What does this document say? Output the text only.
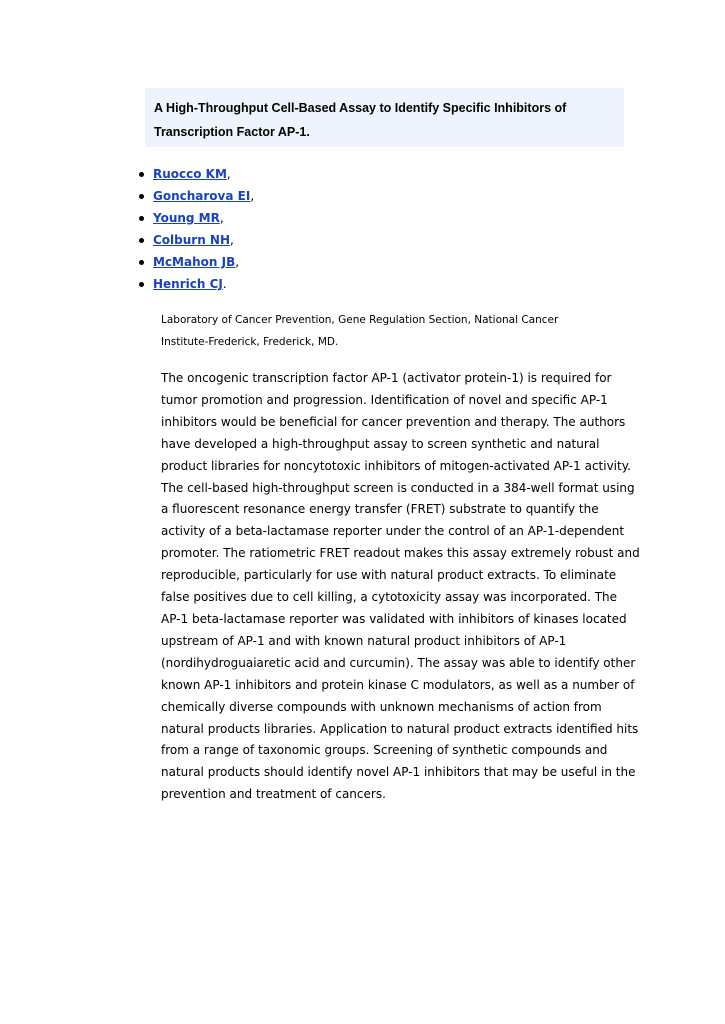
A High-Throughput Cell-Based Assay to Identify Specific Inhibitors of
Transcription Factor AP-1.

Ruocco KM,
Goncharova EI,
Young MR,
Colburn NH,
McMahon JB,
Henrich CJ.

Laboratory of Cancer Prevention, Gene Regulation Section, National Cancer
Institute-Frederick, Frederick, MD.

The oncogenic transcription factor AP-1 (activator protein-1) is required for
tumor promotion and progression. Identification of novel and specific AP-1
inhibitors would be beneficial for cancer prevention and therapy. The authors
have developed a high-throughput assay to screen synthetic and natural
product libraries for noncytotoxic inhibitors of mitogen-activated AP-1 activity.
The cell-based high-throughput screen is conducted in a 384-well format using
a fluorescent resonance energy transfer (FRET) substrate to quantify the
activity of a beta-lactamase reporter under the control of an AP-1-dependent
promoter. The ratiometric FRET readout makes this assay extremely robust and
reproducible, particularly for use with natural product extracts. To eliminate
false positives due to cell killing, a cytotoxicity assay was incorporated. The
AP-1 beta-lactamase reporter was validated with inhibitors of kinases located
upstream of AP-1 and with known natural product inhibitors of AP-1
(nordihydroguaiaretic acid and curcumin). The assay was able to identify other
known AP-1 inhibitors and protein kinase C modulators, as well as a number of
chemically diverse compounds with unknown mechanisms of action from
natural products libraries. Application to natural product extracts identified hits
from a range of taxonomic groups. Screening of synthetic compounds and
natural products should identify novel AP-1 inhibitors that may be useful in the
prevention and treatment of cancers.
